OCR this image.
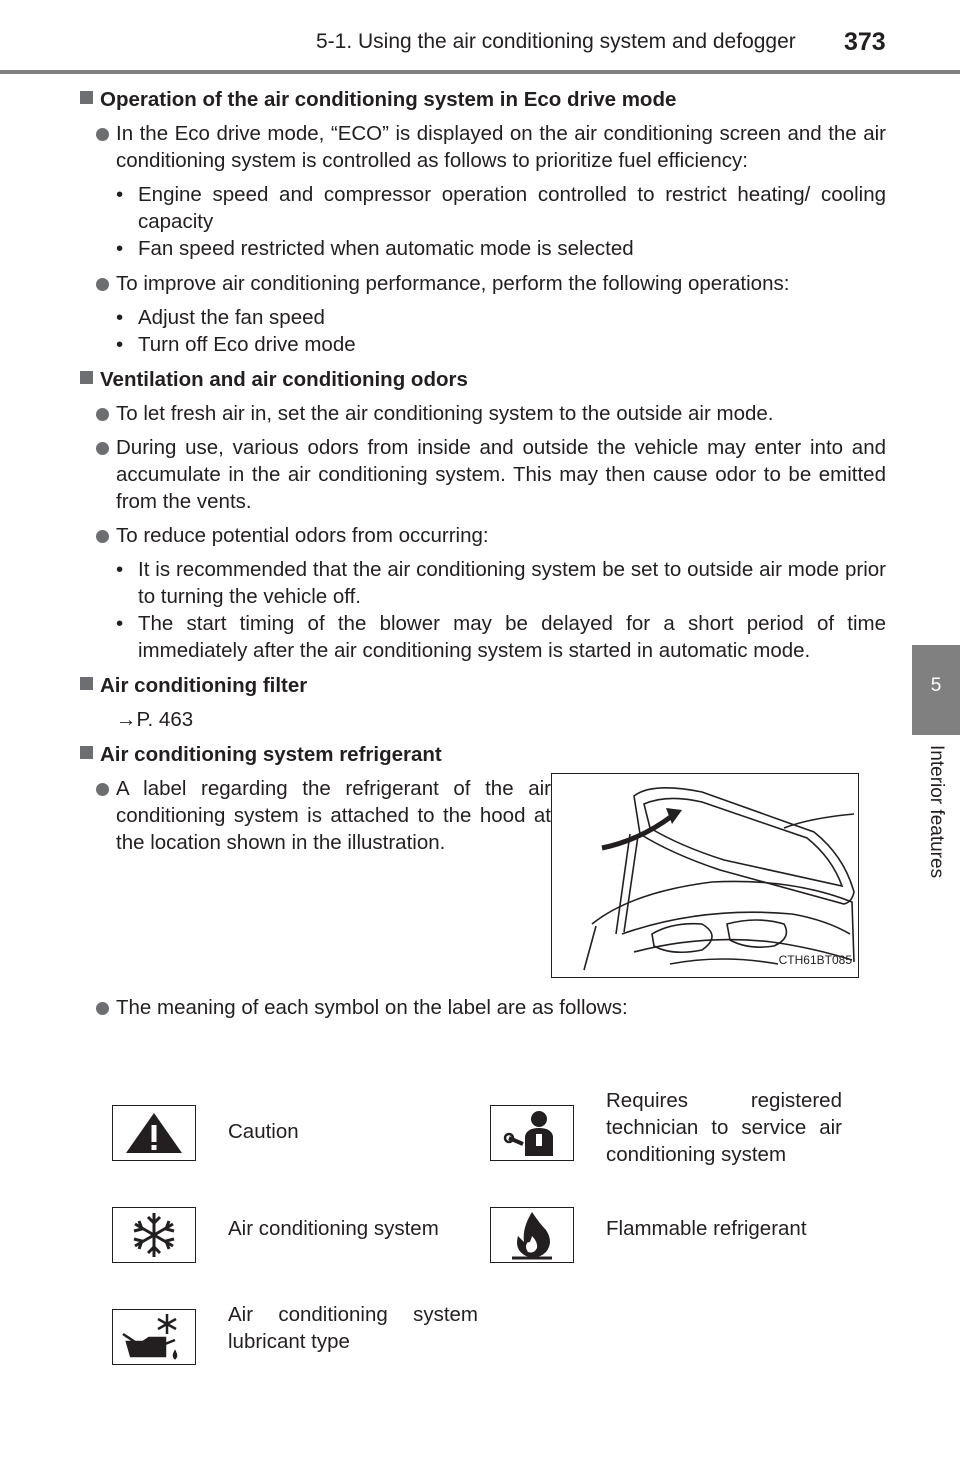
5-1. Using the air conditioning system and defogger 373
5
Interior features
Operation of the air conditioning system in Eco drive mode
In the Eco drive mode, “ECO” is displayed on the air conditioning screen and the air conditioning system is controlled as follows to prioritize fuel efficiency:
• Engine speed and compressor operation controlled to restrict heating/ cooling capacity
• Fan speed restricted when automatic mode is selected
To improve air conditioning performance, perform the following operations:
• Adjust the fan speed
• Turn off Eco drive mode
Ventilation and air conditioning odors
To let fresh air in, set the air conditioning system to the outside air mode.
During use, various odors from inside and outside the vehicle may enter into and accumulate in the air conditioning system. This may then cause odor to be emitted from the vents.
To reduce potential odors from occurring:
• It is recommended that the air conditioning system be set to outside air mode prior to turning the vehicle off.
• The start timing of the blower may be delayed for a short period of time immediately after the air conditioning system is started in automatic mode.
Air conditioning filter
→P. 463
Air conditioning system refrigerant
A label regarding the refrigerant of the air conditioning system is attached to the hood at the location shown in the illustration.
CTH61BT085
The meaning of each symbol on the label are as follows:
Caution
Requires registered technician to service air conditioning system
Air conditioning system	Flammable refrigerant
Air conditioning system lubricant type
